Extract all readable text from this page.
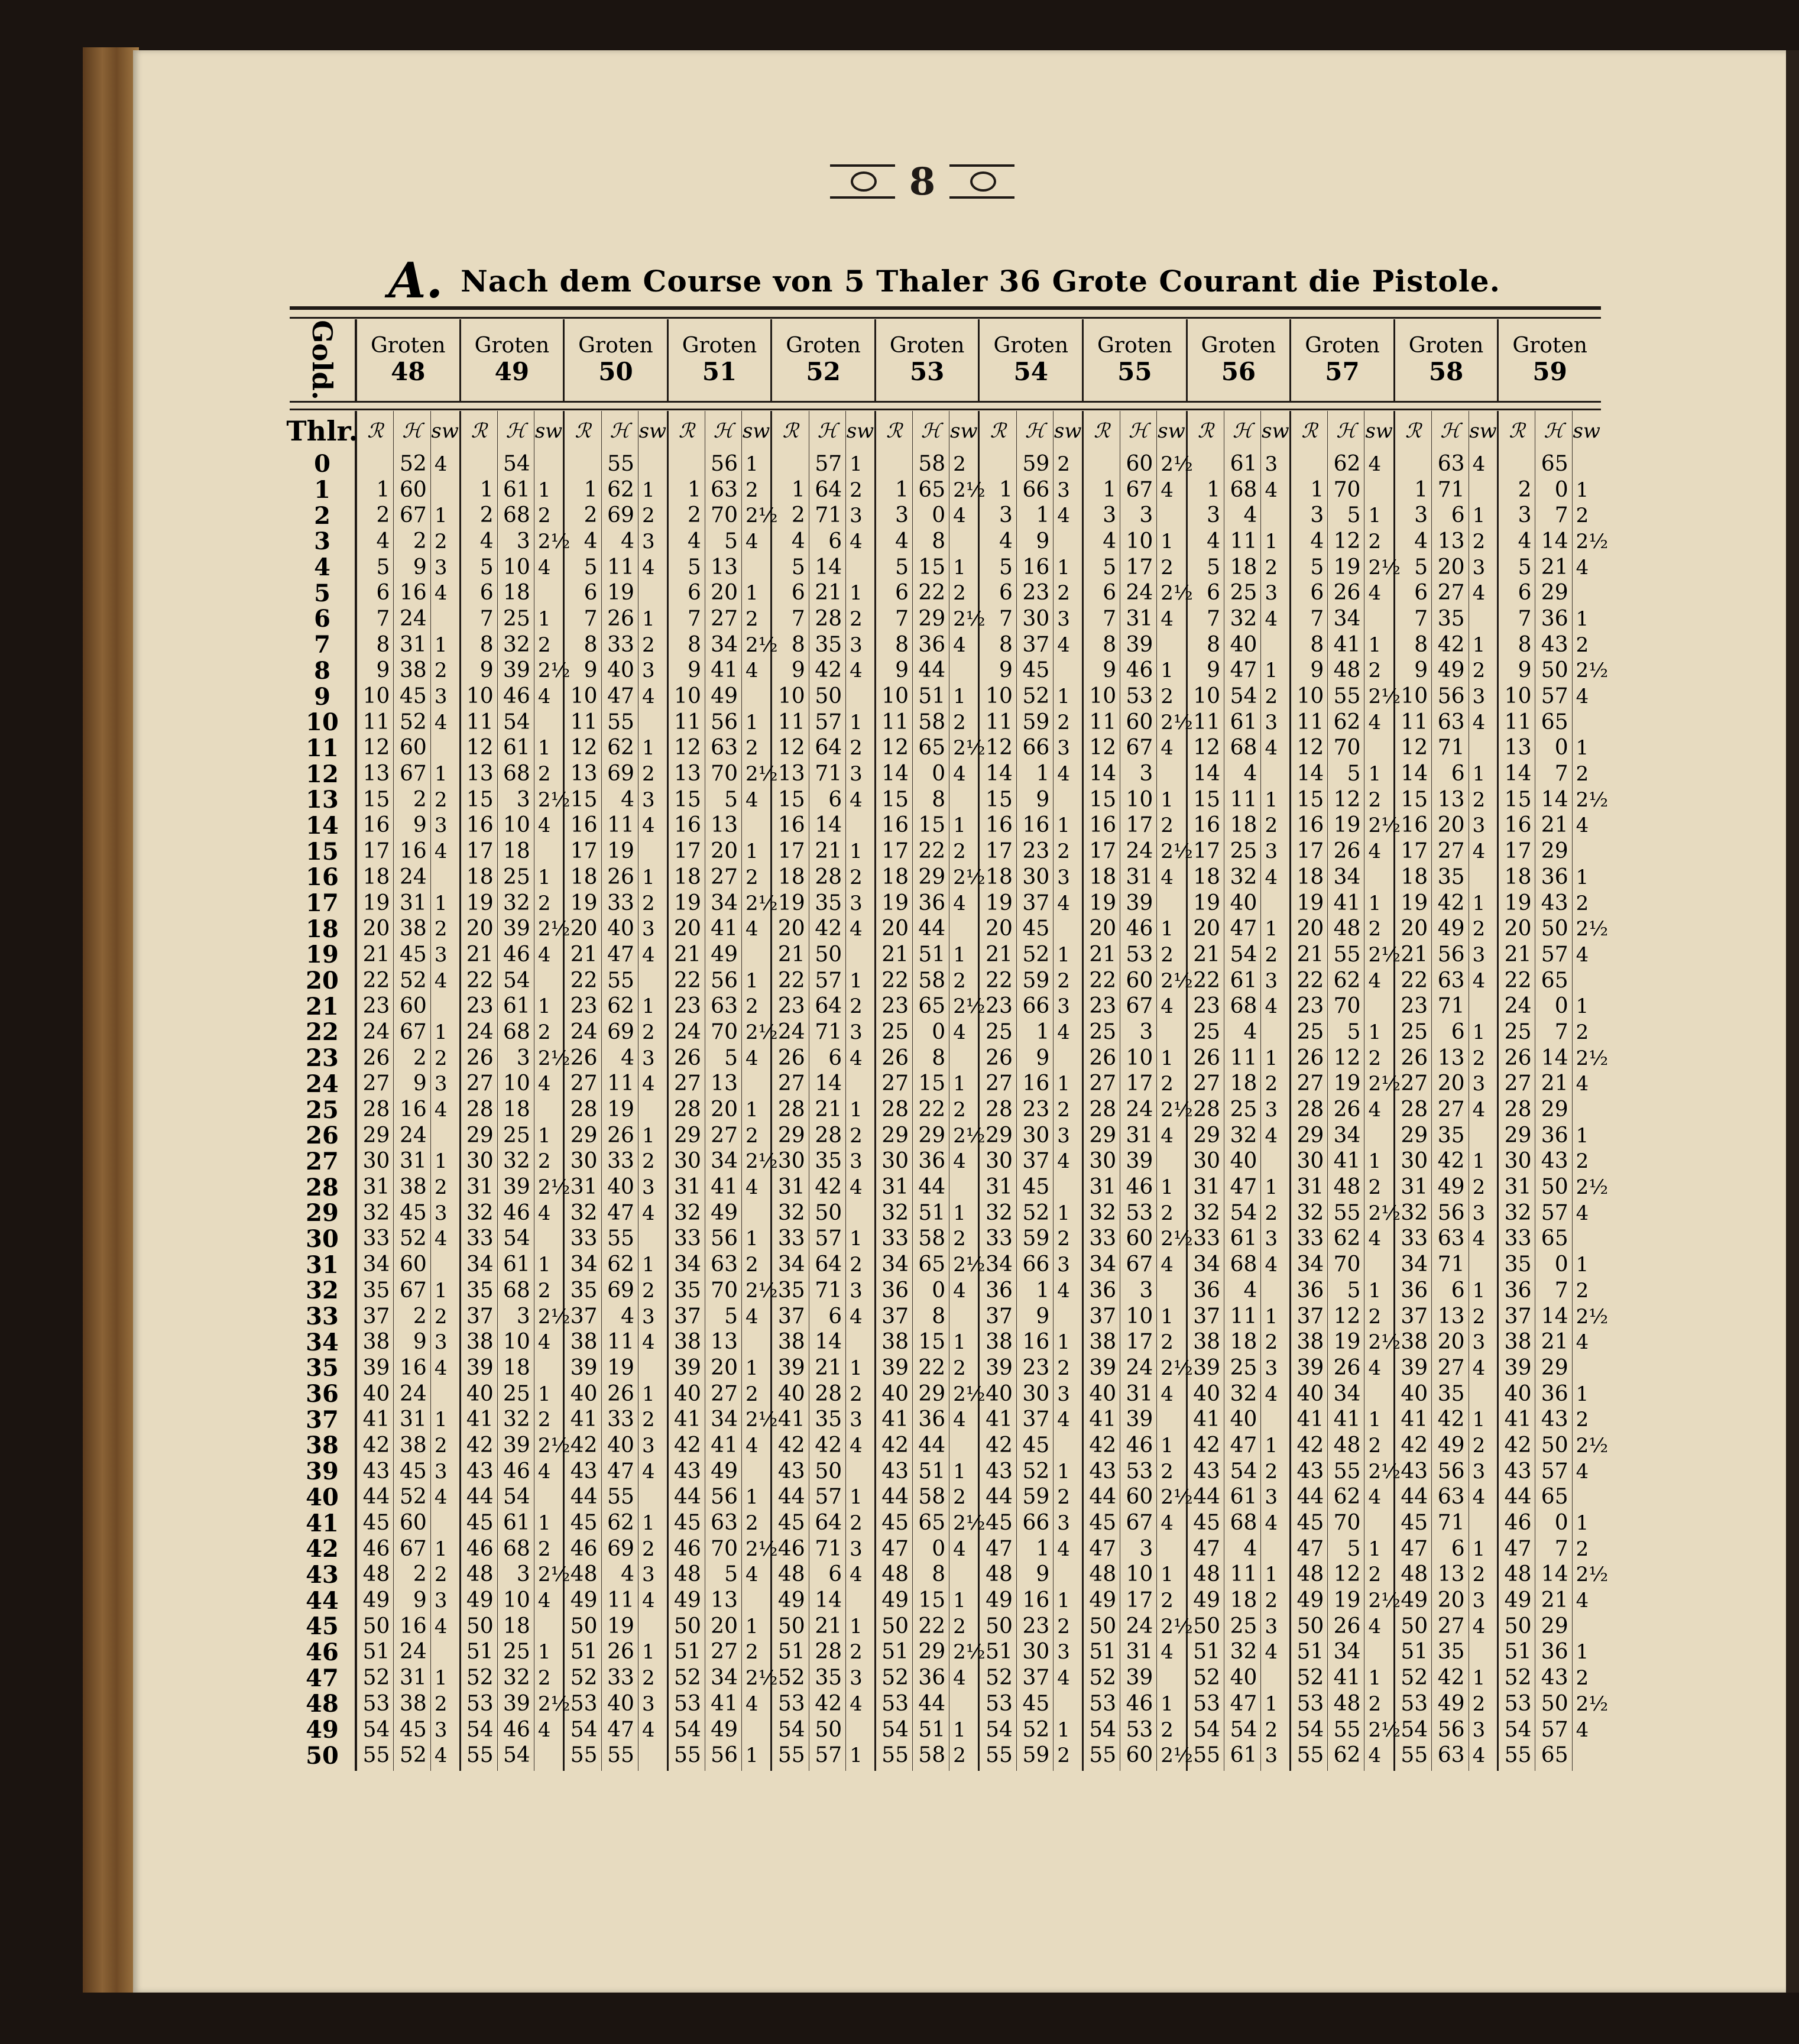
8
A. Nach dem Course von 5 Thaler 36 Grote Courant die Pistole.
Gold. Groten
48
Groten
49
Groten
50
Groten
51
Groten
52
Groten
53
Groten
54
Groten
55
Groten
56
Groten
57
Groten
58
Groten
59
Thlr.
0
1
2
3
4
5
6
7
8
9
10
11
12
13
14
15
16
17
18
19
20
21
22
23
24
25
26
27
28
29
30
31
32
33
34
35
36
37
38
39
40
41
42
43
44
45
46
47
48
49
50
ℛ
1
2
4
5
6
7
8
9
10
11
12
13
15
16
17
18
19
20
21
22
23
24
26
27
28
29
30
31
32
33
34
35
37
38
39
40
41
42
43
44
45
46
48
49
50
51
52
53
54
55
ℋ
52
60
67
2
9
16
24
31
38
45
52
60
67
2
9
16
24
31
38
45
52
60
67
2
9
16
24
31
38
45
52
60
67
2
9
16
24
31
38
45
52
60
67
2
9
16
24
31
38
45
52
sw
4
1
2
3
4
1
2
3
4
1
2
3
4
1
2
3
4
1
2
3
4
1
2
3
4
1
2
3
4
1
2
3
4
1
2
3
4
1
2
3
4
ℛ
1
2
4
5
6
7
8
9
10
11
12
13
15
16
17
18
19
20
21
22
23
24
26
27
28
29
30
31
32
33
34
35
37
38
39
40
41
42
43
44
45
46
48
49
50
51
52
53
54
55
ℋ
54
61
68
3
10
18
25
32
39
46
54
61
68
3
10
18
25
32
39
46
54
61
68
3
10
18
25
32
39
46
54
61
68
3
10
18
25
32
39
46
54
61
68
3
10
18
25
32
39
46
54
sw
1
2
2½
4
1
2
2½
4
1
2
2½
4
1
2
2½
4
1
2
2½
4
1
2
2½
4
1
2
2½
4
1
2
2½
4
1
2
2½
4
1
2
2½
4
ℛ
1
2
4
5
6
7
8
9
10
11
12
13
15
16
17
18
19
20
21
22
23
24
26
27
28
29
30
31
32
33
34
35
37
38
39
40
41
42
43
44
45
46
48
49
50
51
52
53
54
55
ℋ
55
62
69
4
11
19
26
33
40
47
55
62
69
4
11
19
26
33
40
47
55
62
69
4
11
19
26
33
40
47
55
62
69
4
11
19
26
33
40
47
55
62
69
4
11
19
26
33
40
47
55
sw
1
2
3
4
1
2
3
4
1
2
3
4
1
2
3
4
1
2
3
4
1
2
3
4
1
2
3
4
1
2
3
4
1
2
3
4
1
2
3
4
ℛ
1
2
4
5
6
7
8
9
10
11
12
13
15
16
17
18
19
20
21
22
23
24
26
27
28
29
30
31
32
33
34
35
37
38
39
40
41
42
43
44
45
46
48
49
50
51
52
53
54
55
ℋ
56
63
70
5
13
20
27
34
41
49
56
63
70
5
13
20
27
34
41
49
56
63
70
5
13
20
27
34
41
49
56
63
70
5
13
20
27
34
41
49
56
63
70
5
13
20
27
34
41
49
56
sw
1
2
2½
4
1
2
2½
4
1
2
2½
4
1
2
2½
4
1
2
2½
4
1
2
2½
4
1
2
2½
4
1
2
2½
4
1
2
2½
4
1
2
2½
4
1
ℛ
1
2
4
5
6
7
8
9
10
11
12
13
15
16
17
18
19
20
21
22
23
24
26
27
28
29
30
31
32
33
34
35
37
38
39
40
41
42
43
44
45
46
48
49
50
51
52
53
54
55
ℋ
57
64
71
6
14
21
28
35
42
50
57
64
71
6
14
21
28
35
42
50
57
64
71
6
14
21
28
35
42
50
57
64
71
6
14
21
28
35
42
50
57
64
71
6
14
21
28
35
42
50
57
sw
1
2
3
4
1
2
3
4
1
2
3
4
1
2
3
4
1
2
3
4
1
2
3
4
1
2
3
4
1
2
3
4
1
2
3
4
1
2
3
4
1
ℛ
1
3
4
5
6
7
8
9
10
11
12
14
15
16
17
18
19
20
21
22
23
25
26
27
28
29
30
31
32
33
34
36
37
38
39
40
41
42
43
44
45
47
48
49
50
51
52
53
54
55
ℋ
58
65
0
8
15
22
29
36
44
51
58
65
0
8
15
22
29
36
44
51
58
65
0
8
15
22
29
36
44
51
58
65
0
8
15
22
29
36
44
51
58
65
0
8
15
22
29
36
44
51
58
sw
2
2½
4
1
2
2½
4
1
2
2½
4
1
2
2½
4
1
2
2½
4
1
2
2½
4
1
2
2½
4
1
2
2½
4
1
2
2½
4
1
2
2½
4
1
2
ℛ
1
3
4
5
6
7
8
9
10
11
12
14
15
16
17
18
19
20
21
22
23
25
26
27
28
29
30
31
32
33
34
36
37
38
39
40
41
42
43
44
45
47
48
49
50
51
52
53
54
55
ℋ
59
66
1
9
16
23
30
37
45
52
59
66
1
9
16
23
30
37
45
52
59
66
1
9
16
23
30
37
45
52
59
66
1
9
16
23
30
37
45
52
59
66
1
9
16
23
30
37
45
52
59
sw
2
3
4
1
2
3
4
1
2
3
4
1
2
3
4
1
2
3
4
1
2
3
4
1
2
3
4
1
2
3
4
1
2
3
4
1
2
3
4
1
2
ℛ
1
3
4
5
6
7
8
9
10
11
12
14
15
16
17
18
19
20
21
22
23
25
26
27
28
29
30
31
32
33
34
36
37
38
39
40
41
42
43
44
45
47
48
49
50
51
52
53
54
55
ℋ
60
67
3
10
17
24
31
39
46
53
60
67
3
10
17
24
31
39
46
53
60
67
3
10
17
24
31
39
46
53
60
67
3
10
17
24
31
39
46
53
60
67
3
10
17
24
31
39
46
53
60
sw
2½
4
1
2
2½
4
1
2
2½
4
1
2
2½
4
1
2
2½
4
1
2
2½
4
1
2
2½
4
1
2
2½
4
1
2
2½
4
1
2
2½
4
1
2
2½
ℛ
1
3
4
5
6
7
8
9
10
11
12
14
15
16
17
18
19
20
21
22
23
25
26
27
28
29
30
31
32
33
34
36
37
38
39
40
41
42
43
44
45
47
48
49
50
51
52
53
54
55
ℋ
61
68
4
11
18
25
32
40
47
54
61
68
4
11
18
25
32
40
47
54
61
68
4
11
18
25
32
40
47
54
61
68
4
11
18
25
32
40
47
54
61
68
4
11
18
25
32
40
47
54
61
sw
3
4
1
2
3
4
1
2
3
4
1
2
3
4
1
2
3
4
1
2
3
4
1
2
3
4
1
2
3
4
1
2
3
4
1
2
3
4
1
2
3
ℛ
1
3
4
5
6
7
8
9
10
11
12
14
15
16
17
18
19
20
21
22
23
25
26
27
28
29
30
31
32
33
34
36
37
38
39
40
41
42
43
44
45
47
48
49
50
51
52
53
54
55
ℋ
62
70
5
12
19
26
34
41
48
55
62
70
5
12
19
26
34
41
48
55
62
70
5
12
19
26
34
41
48
55
62
70
5
12
19
26
34
41
48
55
62
70
5
12
19
26
34
41
48
55
62
sw
4
1
2
2½
4
1
2
2½
4
1
2
2½
4
1
2
2½
4
1
2
2½
4
1
2
2½
4
1
2
2½
4
1
2
2½
4
1
2
2½
4
1
2
2½
4
ℛ
1
3
4
5
6
7
8
9
10
11
12
14
15
16
17
18
19
20
21
22
23
25
26
27
28
29
30
31
32
33
34
36
37
38
39
40
41
42
43
44
45
47
48
49
50
51
52
53
54
55
ℋ
63
71
6
13
20
27
35
42
49
56
63
71
6
13
20
27
35
42
49
56
63
71
6
13
20
27
35
42
49
56
63
71
6
13
20
27
35
42
49
56
63
71
6
13
20
27
35
42
49
56
63
sw
4
1
2
3
4
1
2
3
4
1
2
3
4
1
2
3
4
1
2
3
4
1
2
3
4
1
2
3
4
1
2
3
4
1
2
3
4
1
2
3
4
ℛ
2
3
4
5
6
7
8
9
10
11
13
14
15
16
17
18
19
20
21
22
24
25
26
27
28
29
30
31
32
33
35
36
37
38
39
40
41
42
43
44
46
47
48
49
50
51
52
53
54
55
ℋ
65
0
7
14
21
29
36
43
50
57
65
0
7
14
21
29
36
43
50
57
65
0
7
14
21
29
36
43
50
57
65
0
7
14
21
29
36
43
50
57
65
0
7
14
21
29
36
43
50
57
65
sw
1
2
2½
4
1
2
2½
4
1
2
2½
4
1
2
2½
4
1
2
2½
4
1
2
2½
4
1
2
2½
4
1
2
2½
4
1
2
2½
4
1
2
2½
4
